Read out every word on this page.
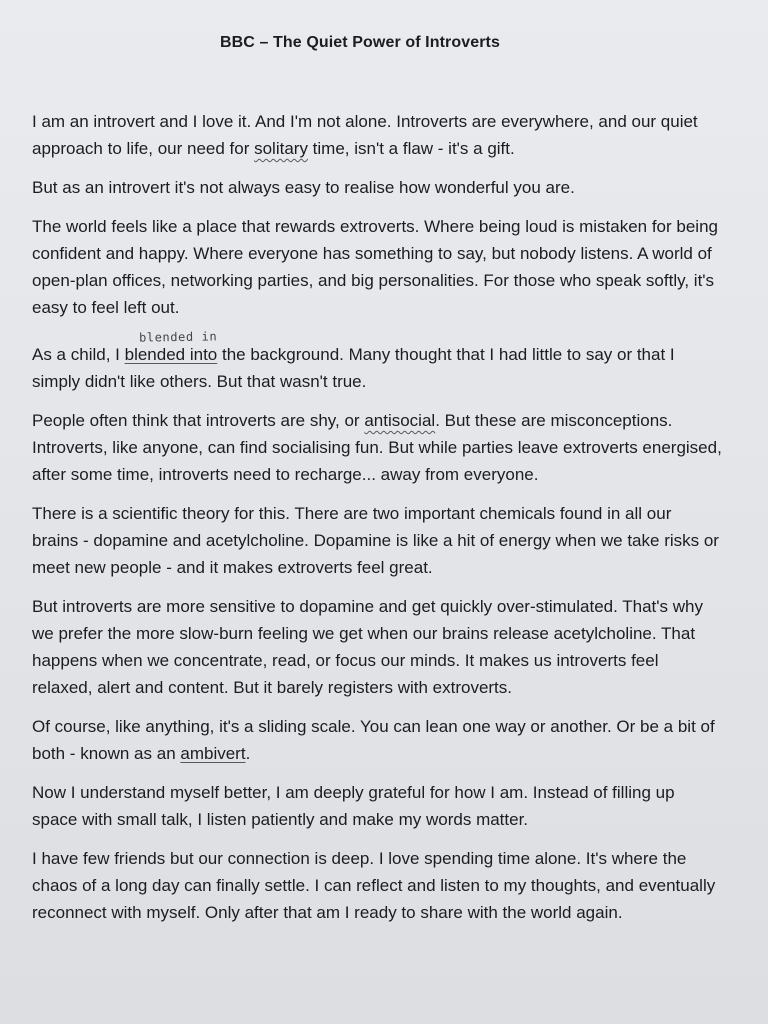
BBC – The Quiet Power of Introverts

I am an introvert and I love it. And I'm not alone. Introverts are everywhere, and our quiet approach to life, our need for solitary time, isn't a flaw - it's a gift.

But as an introvert it's not always easy to realise how wonderful you are.

The world feels like a place that rewards extroverts. Where being loud is mistaken for being confident and happy. Where everyone has something to say, but nobody listens. A world of open-plan offices, networking parties, and big personalities. For those who speak softly, it's easy to feel left out.

As a child, I
blended in
blended into the background. Many thought that I had little to say or that I simply didn't like others. But that wasn't true.

People often think that introverts are shy, or antisocial. But these are misconceptions. Introverts, like anyone, can find socialising fun. But while parties leave extroverts energised, after some time, introverts need to recharge... away from everyone.

There is a scientific theory for this. There are two important chemicals found in all our brains - dopamine and acetylcholine. Dopamine is like a hit of energy when we take risks or meet new people - and it makes extroverts feel great.

But introverts are more sensitive to dopamine and get quickly over-stimulated. That's why we prefer the more slow-burn feeling we get when our brains release acetylcholine. That happens when we concentrate, read, or focus our minds. It makes us introverts feel relaxed, alert and content. But it barely registers with extroverts.

Of course, like anything, it's a sliding scale. You can lean one way or another. Or be a bit of both - known as an ambivert.

Now I understand myself better, I am deeply grateful for how I am. Instead of filling up space with small talk, I listen patiently and make my words matter.

I have few friends but our connection is deep. I love spending time alone. It's where the chaos of a long day can finally settle. I can reflect and listen to my thoughts, and eventually reconnect with myself. Only after that am I ready to share with the world again.
